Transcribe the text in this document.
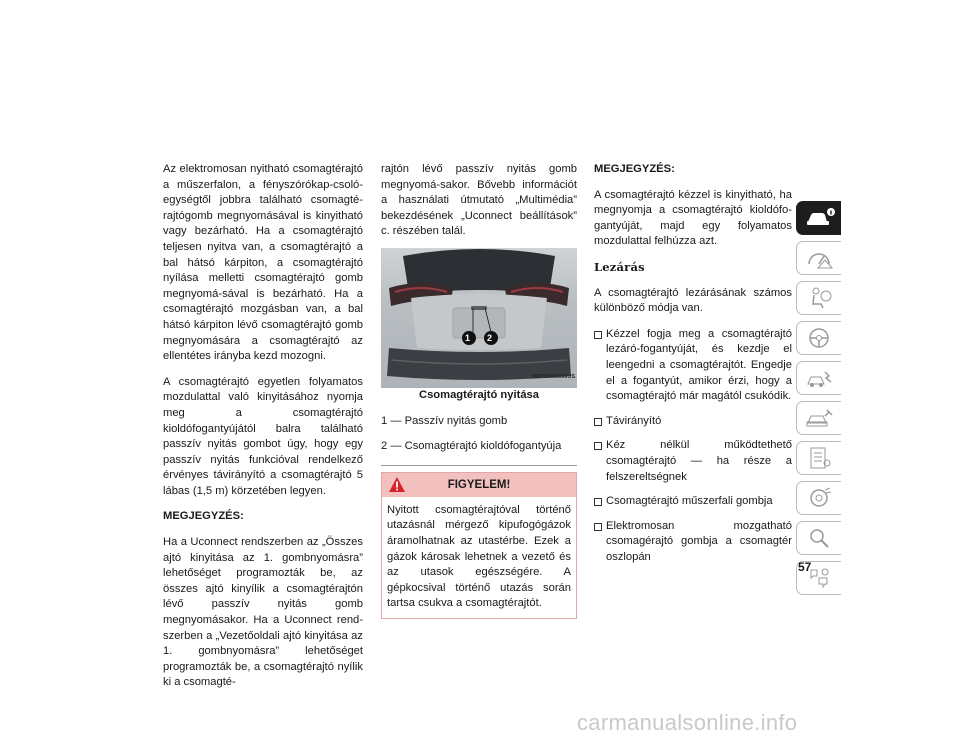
Az elektromosan nyitható csomagtérajtó a műszerfalon, a fényszórókap-csoló-egységtől jobbra található csomagté-rajtógomb megnyomásával is kinyitható vagy bezárható. Ha a csomagtérajtó teljesen nyitva van, a csomagtérajtó a bal hátsó kárpiton, a csomagtérajtó nyílása melletti csomagtérajtó gomb megnyomá-sával is bezárható. Ha a csomagtérajtó mozgásban van, a bal hátsó kárpiton lévő csomagtérajtó gomb megnyomására a csomagtérajtó az ellentétes irányba kezd mozogni.

A csomagtérajtó egyetlen folyamatos mozdulattal való kinyitásához nyomja meg a csomagtérajtó kioldófogantyújától balra található passzív nyitás gombot úgy, hogy egy passzív nyitás funkcióval rendelkező érvényes távirányító a csomagtérajtó 5 lábas (1,5 m) körzetében legyen.

MEGJEGYZÉS:

Ha a Uconnect rendszerben az „Összes ajtó kinyitása az 1. gombnyomásra” lehetőséget programozták be, az összes ajtó kinyílik a csomagtérajtón lévő passzív nyitás gomb megnyomásakor. Ha a Uconnect rend-szerben a „Vezetőoldali ajtó kinyitása az 1. gombnyomásra” lehetőséget programozták be, a csomagtérajtó nyílik ki a csomagté-

rajtón lévő passzív nyitás gomb megnyomá-sakor. Bővebb információt a használati útmutató „Multimédia” bekezdésének „Uconnect beállítások” c. részében talál.

1 2
M0310000036US

Csomagtérajtó nyitása

1 — Passzív nyitás gomb

2 — Csomagtérajtó kioldófogantyúja

FIGYELEM!
Nyitott csomagtérajtóval történő utazásnál mérgező kipufogógázok áramolhatnak az utastérbe. Ezek a gázok károsak lehetnek a vezető és az utasok egészségére. A gépkocsival történő utazás során tartsa csukva a csomagtérajtót.

MEGJEGYZÉS:

A csomagtérajtó kézzel is kinyitható, ha megnyomja a csomagtérajtó kioldófo-gantyúját, majd egy folyamatos mozdulattal felhúzza azt.

Lezárás

A csomagtérajtó lezárásának számos különböző módja van.

Kézzel fogja meg a csomagtérajtó lezáró-fogantyúját, és kezdje el leengedni a csomagtérajtót. Engedje el a fogantyút, amikor érzi, hogy a csomagtérajtó már magától csukódik.
Távirányító
Kéz nélkül működtethető csomagtérajtó — ha része a felszereltségnek
Csomagtérajtó műszerfali gombja
Elektromosan mozgatható csomagérajtó gombja a csomagtér oszlopán
57
carmanualsonline.info
